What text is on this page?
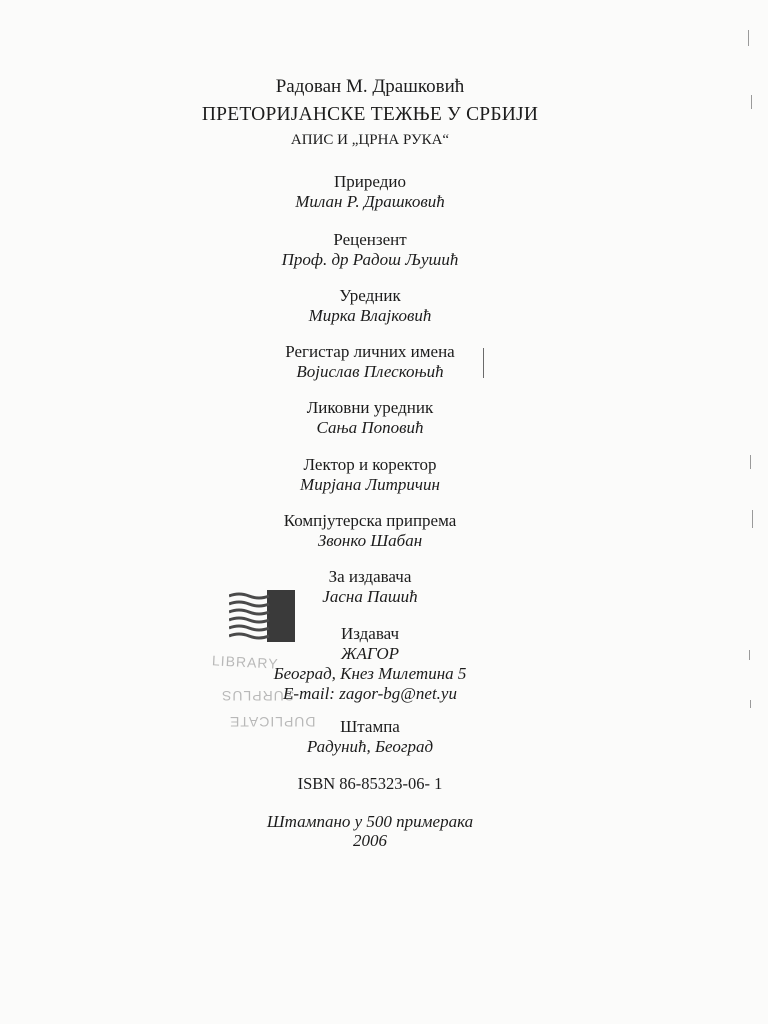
Радован М. Драшковић
ПРЕТОРИЈАНСКЕ ТЕЖЊЕ У СРБИЈИ
АПИС И „ЦРНА РУКА“
Приредио
Милан Р. Драшковић
Рецензент
Проф. др Радош Љушић
Уредник
Мирка Влајковић
Регистар личних имена
Војислав Плескоњић
Ликовни уредник
Сања Поповић
Лектор и коректор
Мирјана Литричин
Компјутерска припрема
Звонко Шабан
За издавача
Јасна Пашић
Издавач
ЖАГОР
Београд, Кнез Милетина 5
E-mail: zagor-bg@net.yu
Штампа
Радунић, Београд
ISBN 86-85323-06- 1
Штампано у 500 примерака
2006
LIBRARY
SURPLUS
DUPLICATE
